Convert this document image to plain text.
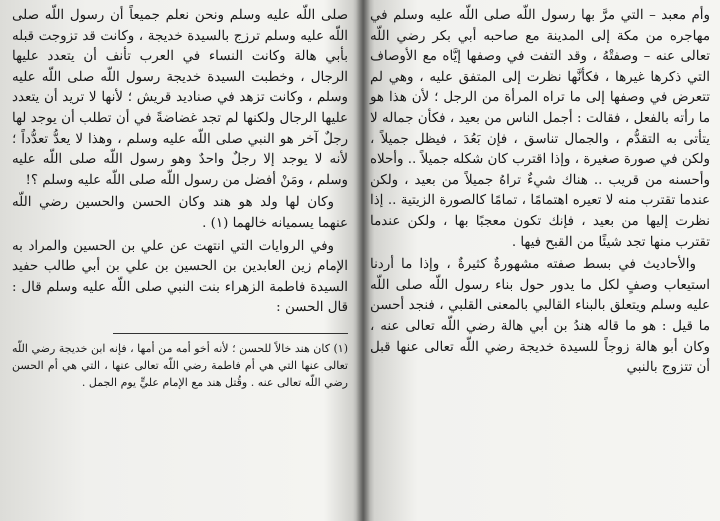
وأم معبد – التي مرَّ بها رسول اللّه صلى اللّه عليه وسلم في مهاجره من مكة إلى المدينة مع صاحبه أبي بكر رضي اللّه تعالى عنه – وصفتْهُ ، وقد التفت في وصفها إيَّاه مع الأوصاف التي ذكرها غيرها ، فكأنَّها نظرت إلى المتفق عليه ، وهي لم تتعرض في وصفها إلى ما تراه المرأة من الرجل ؛ لأن هذا هو ما رأته بالفعل ، فقالت : أجمل الناس من بعيد ، فكأن جماله لا يتأتى به التقدُّم ، والجمال تناسق ، فإن بَعُدَ ، فيظل جميلاً ، ولكن في صورة صغيرة ، وإذا اقترب كان شكله جميلاً .. وأحلاه وأحسنه من قريب .. هناك شيءٌ تراهُ جميلاً من بعيد ، ولكن عندما تقترب منه لا تعيره اهتمامًا ، تمامًا كالصورة الزيتية .. إذا نظرت إليها من بعيد ، فإنك تكون معجبًا بها ، ولكن عندما تقترب منها تجد شيئًا من القبح فيها .

والأحاديث في بسط صفته مشهورةٌ كثيرةٌ ، وإذا ما أردنا استيعاب وصفٍ لكل ما يدور حول بناء رسول اللّه صلى اللّه عليه وسلم ويتعلق بالبناء القالبي بالمعنى القلبي ، فنجد أحسن ما قيل : هو ما قاله هندُ بن أبي هالة رضي اللّه تعالى عنه ، وكان أبو هالة زوجاً للسيدة خديجة رضي اللّه تعالى عنها قبل أن تتزوج بالنبي

صلى اللّه عليه وسلم ونحن نعلم جميعاً أن رسول اللّه صلى اللّه عليه وسلم ترزج بالسيدة خديجة ، وكانت قد تزوجت قبله بأبي هالة وكانت النساء في العرب تأنف أن يتعدد عليها الرجال ، وخطبت السيدة خديجة رسول اللّه صلى اللّه عليه وسلم ، وكانت تزهد في صناديد قريش ؛ لأنها لا تريد أن يتعدد عليها الرجال ولكنها لم تجد غضاضةً في أن تطلب أن يوجد لها رجلٌ آخر هو النبي صلى اللّه عليه وسلم ، وهذا لا يعدُّ تعدُّداً ؛ لأنه لا يوجد إلا رجلٌ واحدٌ وهو رسول اللّه صلى اللّه عليه وسلم ، ومَنْ أفضل من رسول اللّه صلى اللّه عليه وسلم ؟!

وكان لها ولد هو هند وكان الحسن والحسين رضي اللّه عنهما يسميانه خالهما (١) .

وفي الروايات التي انتهت عن علي بن الحسين والمراد به الإمام زين العابدين بن الحسين بن علي بن أبي طالب حفيد السيدة فاطمة الزهراء بنت النبي صلى اللّه عليه وسلم قال : قال الحسن :

(١) كان هند خالاً للحسن ؛ لأنه أخو أمه من أمها ، فإنه ابن خديجة رضي اللّه تعالى عنها التي هي أم فاطمة رضي اللّه تعالى عنها ، التي هي أم الحسن رضي اللّه تعالى عنه . وقُتل هند مع الإمام عليٍّ يوم الجمل .
